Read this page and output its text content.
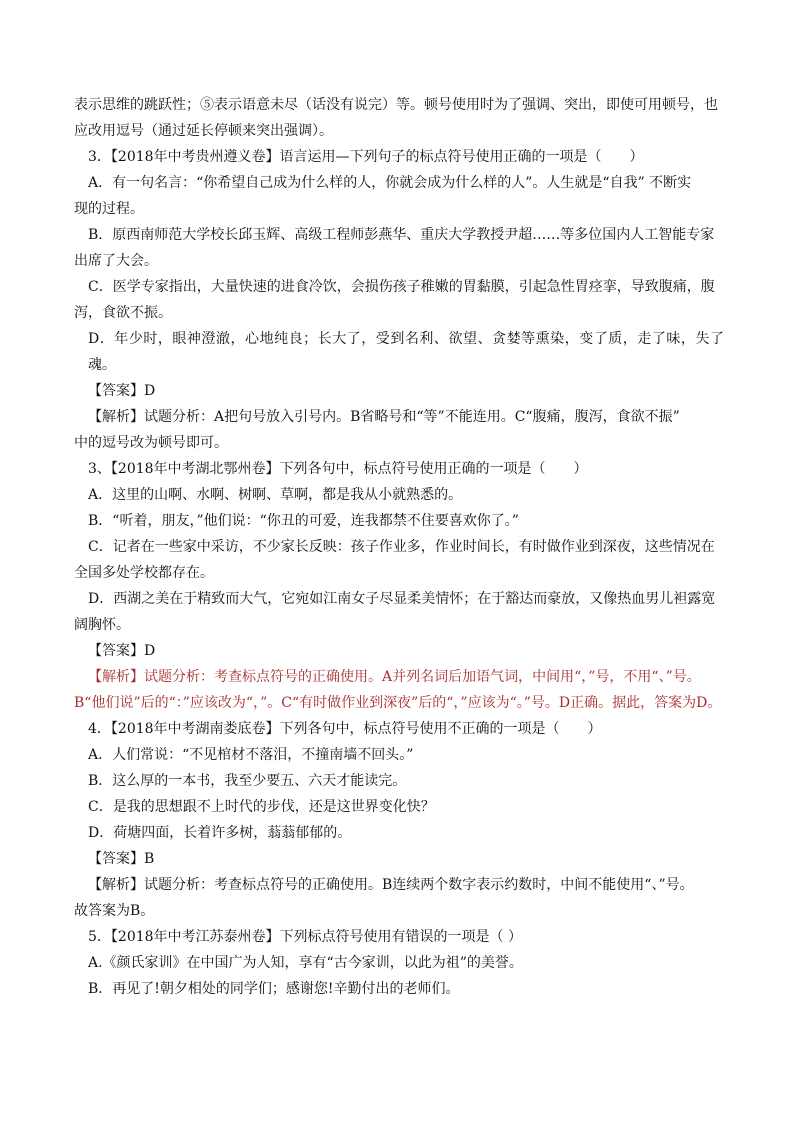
表示思维的跳跃性；⑤表示语意未尽（话没有说完）等。顿号使用时为了强调、突出，即使可用顿号，也
应改用逗号（通过延长停顿来突出强调）。
3．【2018年中考贵州遵义卷】语言运用—下列句子的标点符号使用正确的一项是（　　）
A．有一句名言：“你希望自己成为什么样的人，你就会成为什么样的人”。人生就是“自我” 不断实
现的过程。
B．原西南师范大学校长邱玉辉、高级工程师彭燕华、重庆大学教授尹超……等多位国内人工智能专家
出席了大会。
C．医学专家指出，大量快速的进食冷饮，会损伤孩子稚嫩的胃黏膜，引起急性胃痉挛，导致腹痛，腹
泻，食欲不振。
D．年少时，眼神澄澈，心地纯良；长大了，受到名利、欲望、贪婪等熏染，变了质，走了味，失了魂。
【答案】D
【解析】试题分析：A把句号放入引号内。B省略号和“等”不能连用。C“腹痛，腹泻，食欲不振”
中的逗号改为顿号即可。
3、【2018年中考湖北鄂州卷】下列各句中，标点符号使用正确的一项是（　　）
A．这里的山啊、水啊、树啊、草啊，都是我从小就熟悉的。
B．“听着，朋友，”他们说：“你丑的可爱，连我都禁不住要喜欢你了。”
C．记者在一些家中采访，不少家长反映：孩子作业多，作业时间长，有时做作业到深夜，这些情况在
全国多处学校都存在。
D．西湖之美在于精致而大气，它宛如江南女子尽显柔美情怀；在于豁达而豪放，又像热血男儿袒露宽
阔胸怀。
【答案】D
【解析】试题分析：考查标点符号的正确使用。A并列名词后加语气词，中间用“，”号，不用“、”号。
B“他们说”后的“：”应该改为“，”。C“有时做作业到深夜”后的“，”应该为“。”号。D正确。据此，答案为D。
4．【2018年中考湖南娄底卷】下列各句中，标点符号使用不正确的一项是（　　）
A．人们常说：“不见棺材不落泪，不撞南墙不回头。”
B．这么厚的一本书，我至少要五、六天才能读完。
C．是我的思想跟不上时代的步伐，还是这世界变化快？
D．荷塘四面，长着许多树，蓊蓊郁郁的。
【答案】B
【解析】试题分析：考查标点符号的正确使用。B连续两个数字表示约数时，中间不能使用“、”号。
故答案为B。
5．【2018年中考江苏泰州卷】下列标点符号使用有错误的一项是（ ）
A.《颜氏家训》在中国广为人知，享有“古今家训，以此为祖”的美誉。
B．再见了!朝夕相处的同学们；感谢您!辛勤付出的老师们。
